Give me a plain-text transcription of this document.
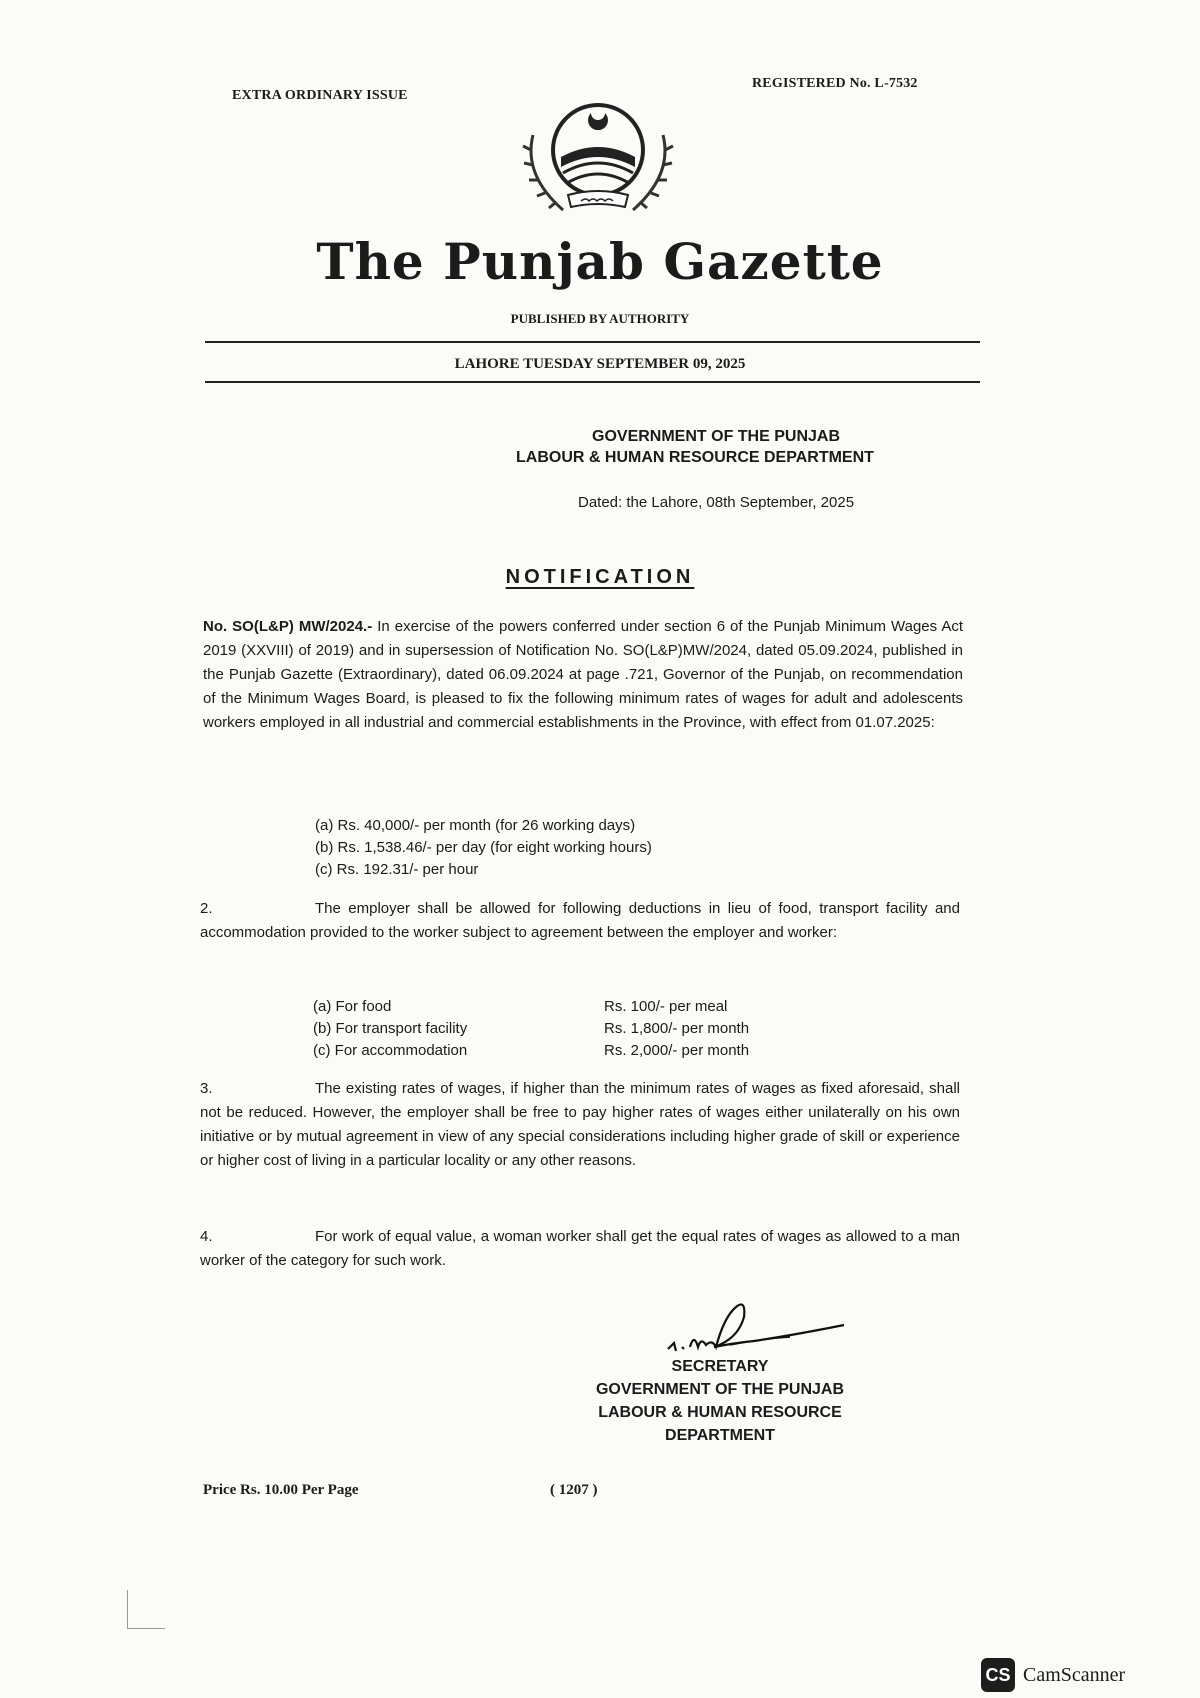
EXTRA ORDINARY ISSUE
REGISTERED No. L-7532
The Punjab Gazette
PUBLISHED BY AUTHORITY
LAHORE TUESDAY SEPTEMBER 09, 2025
GOVERNMENT OF THE PUNJAB
LABOUR & HUMAN RESOURCE DEPARTMENT
Dated: the Lahore, 08th September, 2025
NOTIFICATION
No. SO(L&P) MW/2024.- In exercise of the powers conferred under section 6 of the Punjab Minimum Wages Act 2019 (XXVIII) of 2019) and in supersession of Notification No. SO(L&P)MW/2024, dated 05.09.2024, published in the Punjab Gazette (Extraordinary), dated 06.09.2024 at page .721, Governor of the Punjab, on recommendation of the Minimum Wages Board, is pleased to fix the following minimum rates of wages for adult and adolescents workers employed in all industrial and commercial establishments in the Province, with effect from 01.07.2025:
(a) Rs. 40,000/- per month (for 26 working days)
(b) Rs. 1,538.46/- per day (for eight working hours)
(c) Rs. 192.31/- per hour
2.	The employer shall be allowed for following deductions in lieu of food, transport facility and accommodation provided to the worker subject to agreement between the employer and worker:
(a) For food	Rs. 100/- per meal
(b) For transport facility	Rs. 1,800/- per month
(c) For accommodation	Rs. 2,000/- per month
3.	The existing rates of wages, if higher than the minimum rates of wages as fixed aforesaid, shall not be reduced. However, the employer shall be free to pay higher rates of wages either unilaterally on his own initiative or by mutual agreement in view of any special considerations including higher grade of skill or experience or higher cost of living in a particular locality or any other reasons.
4.	For work of equal value, a woman worker shall get the equal rates of wages as allowed to a man worker of the category for such work.
SECRETARY
GOVERNMENT OF THE PUNJAB
LABOUR & HUMAN RESOURCE
DEPARTMENT
Price Rs. 10.00 Per Page	( 1207 )
CS CamScanner
